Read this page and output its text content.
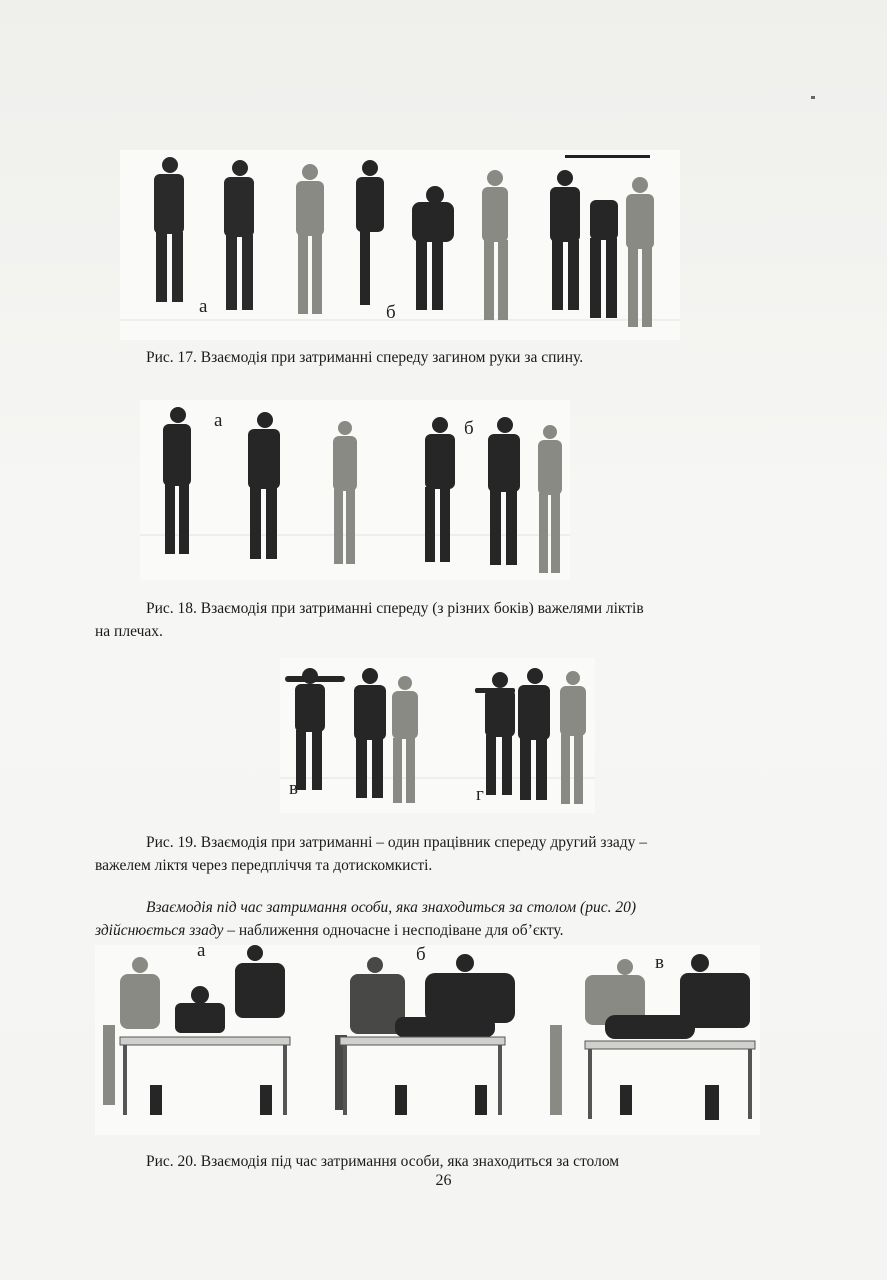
а	б
Рис. 17. Взаємодія при затриманні спереду загином руки за спину.
а	б
Рис. 18. Взаємодія при затриманні спереду (з різних боків) важелями ліктів
на плечах.
в	г
Рис. 19. Взаємодія при затриманні – один працівник спереду другий ззаду –
важелем ліктя через передпліччя та дотискомкисті.
Взаємодія під час затримання особи, яка знаходиться за столом (рис. 20)
здійснюється ззаду – наближення одночасне і несподіване для об’єкту.
а	б	в
Рис. 20. Взаємодія під час затримання особи, яка знаходиться за столом
26
